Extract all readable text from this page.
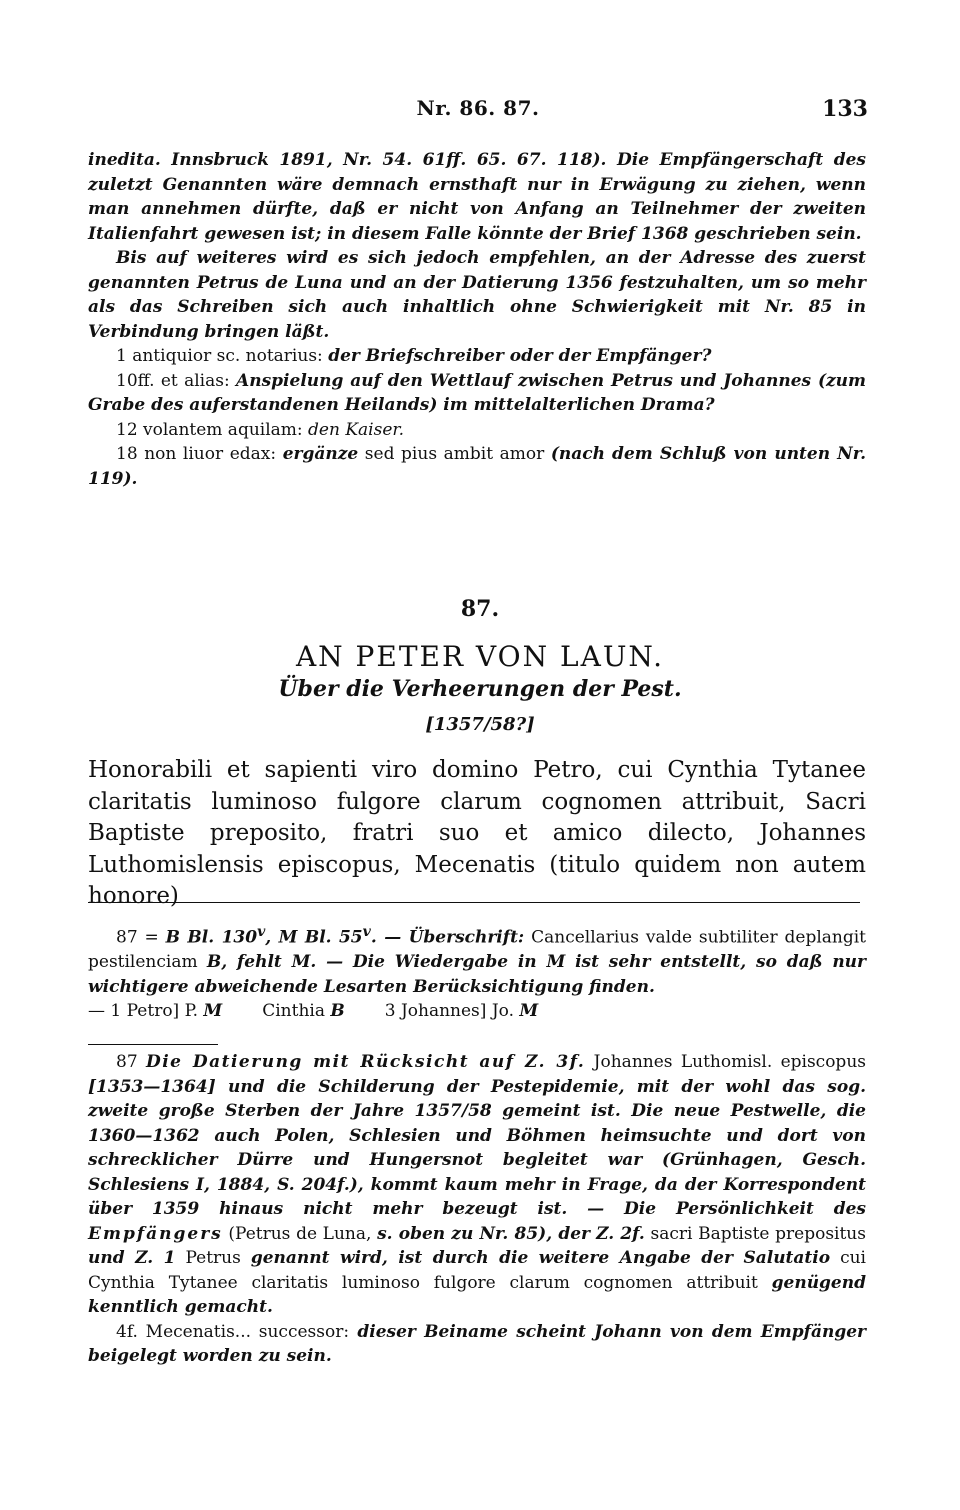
Nr. 86. 87.	133

inedita. Innsbruck 1891, Nr. 54. 61ff. 65. 67. 118). Die Empfängerschaft des zuletzt Genannten wäre demnach ernsthaft nur in Erwägung zu ziehen, wenn man annehmen dürfte, daß er nicht von Anfang an Teilnehmer der zweiten Italienfahrt gewesen ist; in diesem Falle könnte der Brief 1368 geschrieben sein.

Bis auf weiteres wird es sich jedoch empfehlen, an der Adresse des zuerst genannten Petrus de Luna und an der Datierung 1356 festzuhalten, um so mehr als das Schreiben sich auch inhaltlich ohne Schwierigkeit mit Nr. 85 in Verbindung bringen läßt.

1 antiquior sc. notarius: der Briefschreiber oder der Empfänger?

10ff. et alias: Anspielung auf den Wettlauf zwischen Petrus und Johannes (zum Grabe des auferstandenen Heilands) im mittelalterlichen Drama?

12 volantem aquilam: den Kaiser.

18 non liuor edax: ergänze sed pius ambit amor (nach dem Schluß von unten Nr. 119).

87.
AN PETER VON LAUN.
Über die Verheerungen der Pest.
[1357/58?]
Honorabili et sapienti viro domino Petro, cui Cynthia Tytanee claritatis luminoso fulgore clarum cognomen attribuit, Sacri Baptiste preposito, fratri suo et amico dilecto, Johannes Luthomislensis episcopus, Mecenatis (titulo quidem non autem honore)

87 = B Bl. 130$^v$, M Bl. 55$^v$. — Überschrift: Cancellarius valde subtiliter deplangit pestilenciam B, fehlt M. — Die Wiedergabe in M ist sehr entstellt, so daß nur wichtigere abweichende Lesarten Berücksichtigung finden.

— 1 Petro] P. M Cinthia B 3 Johannes] Jo. M

87 Die Datierung mit Rücksicht auf Z. 3f. Johannes Luthomisl. episcopus [1353—1364] und die Schilderung der Pestepidemie, mit der wohl das sog. zweite große Sterben der Jahre 1357/58 gemeint ist. Die neue Pestwelle, die 1360—1362 auch Polen, Schlesien und Böhmen heimsuchte und dort von schrecklicher Dürre und Hungersnot begleitet war (Grünhagen, Gesch. Schlesiens I, 1884, S. 204f.), kommt kaum mehr in Frage, da der Korrespondent über 1359 hinaus nicht mehr bezeugt ist. — Die Persönlichkeit des Empfängers (Petrus de Luna, s. oben zu Nr. 85), der Z. 2f. sacri Baptiste prepositus und Z. 1 Petrus genannt wird, ist durch die weitere Angabe der Salutatio cui Cynthia Tytanee claritatis luminoso fulgore clarum cognomen attribuit genügend kenntlich gemacht.

4f. Mecenatis... successor: dieser Beiname scheint Johann von dem Empfänger beigelegt worden zu sein.
